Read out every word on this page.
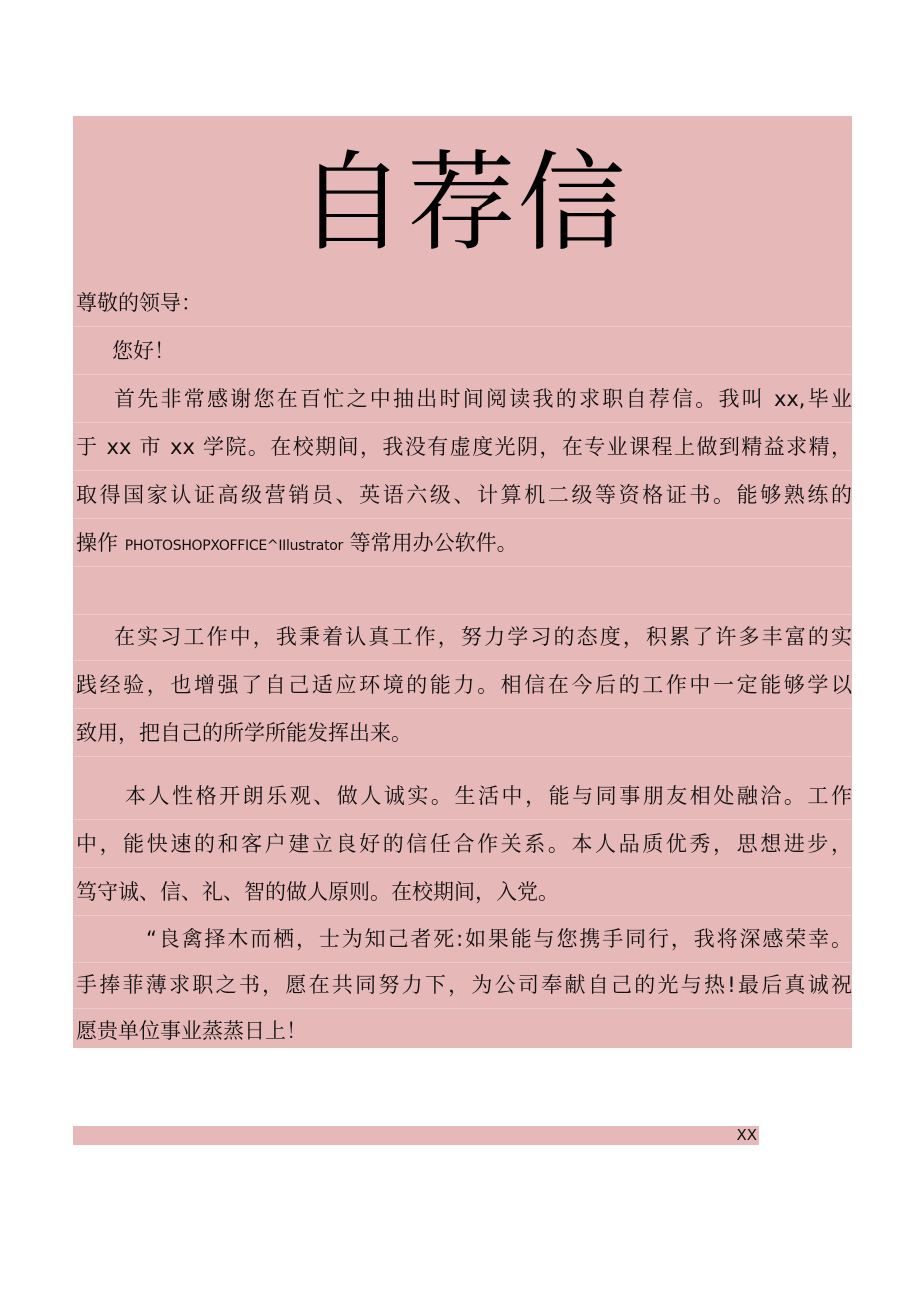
自荐信
尊敬的领导：
您好！
首先非常感谢您在百忙之中抽出时间阅读我的求职自荐信。我叫 xx,毕业
于 xx 市 xx 学院。在校期间，我没有虚度光阴，在专业课程上做到精益求精，
取得国家认证高级营销员、英语六级、计算机二级等资格证书。能够熟练的
操作 PHOTOSHOPXOFFICE^IIlustrator 等常用办公软件。
在实习工作中，我秉着认真工作，努力学习的态度，积累了许多丰富的实
践经验，也增强了自己适应环境的能力。相信在今后的工作中一定能够学以
致用，把自己的所学所能发挥出来。
本人性格开朗乐观、做人诚实。生活中，能与同事朋友相处融洽。工作
中，能快速的和客户建立良好的信任合作关系。本人品质优秀，思想进步，
笃守诚、信、礼、智的做人原则。在校期间，入党。
“良禽择木而栖，士为知己者死:如果能与您携手同行，我将深感荣幸。
手捧菲薄求职之书，愿在共同努力下，为公司奉献自己的光与热!最后真诚祝
愿贵单位事业蒸蒸日上！
XX
